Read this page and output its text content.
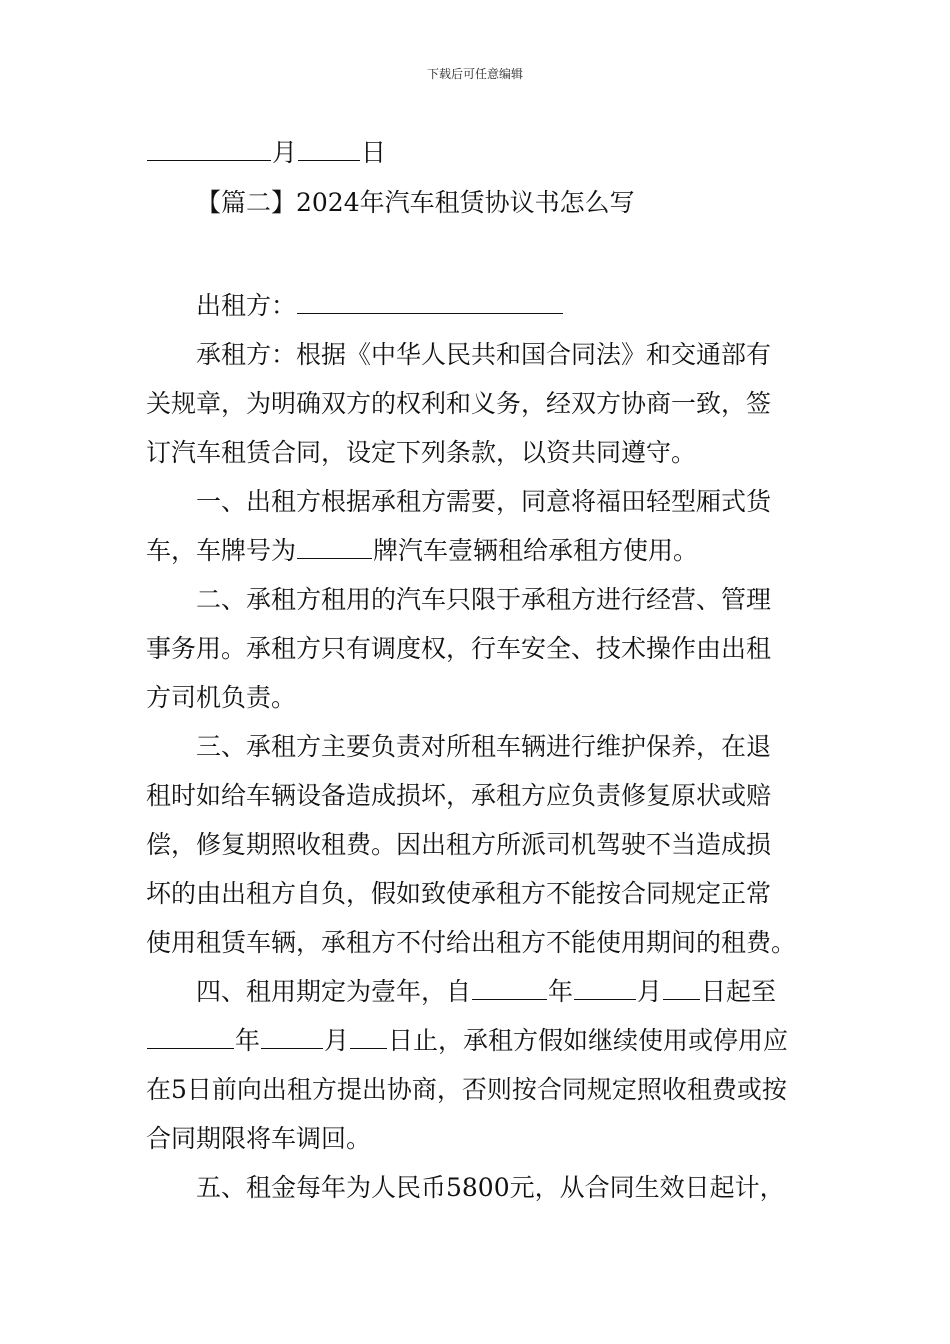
下载后可任意编辑
月	日
【篇二】2024年汽车租赁协议书怎么写
出租方：
承租方：根据《中华人民共和国合同法》和交通部有
关规章，为明确双方的权利和义务，经双方协商一致，签
订汽车租赁合同，设定下列条款，以资共同遵守。
一、出租方根据承租方需要，同意将福田轻型厢式货
车，车牌号为	牌汽车壹辆租给承租方使用。
二、承租方租用的汽车只限于承租方进行经营、管理
事务用。承租方只有调度权，行车安全、技术操作由出租
方司机负责。
三、承租方主要负责对所租车辆进行维护保养，在退
租时如给车辆设备造成损坏，承租方应负责修复原状或赔
偿，修复期照收租费。因出租方所派司机驾驶不当造成损
坏的由出租方自负，假如致使承租方不能按合同规定正常
使用租赁车辆，承租方不付给出租方不能使用期间的租费。
四、租用期定为壹年，自	年	月 日起至
年	月 日止，承租方假如继续使用或停用应
在5日前向出租方提出协商，否则按合同规定照收租费或按
合同期限将车调回。
五、租金每年为人民币5800元，从合同生效日起计，
